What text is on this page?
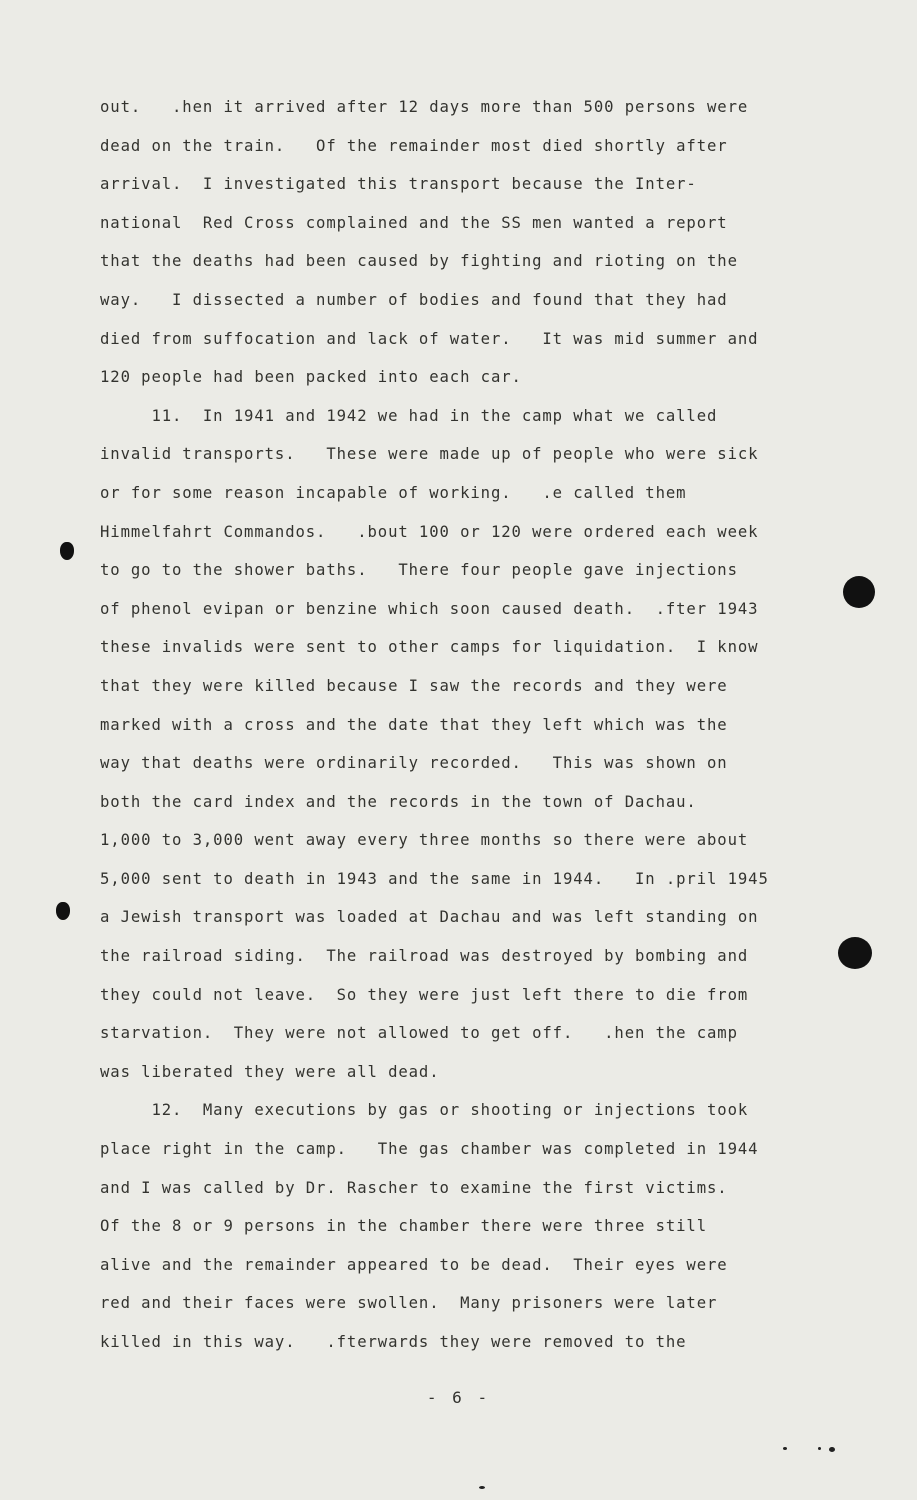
out.   .hen it arrived after 12 days more than 500 persons were
dead on the train.   Of the remainder most died shortly after
arrival.  I investigated this transport because the Inter-
national  Red Cross complained and the SS men wanted a report
that the deaths had been caused by fighting and rioting on the
way.   I dissected a number of bodies and found that they had
died from suffocation and lack of water.   It was mid summer and
120 people had been packed into each car.
11.  In 1941 and 1942 we had in the camp what we called
invalid transports.   These were made up of people who were sick
or for some reason incapable of working.   .e called them
Himmelfahrt Commandos.   .bout 100 or 120 were ordered each week
to go to the shower baths.   There four people gave injections
of phenol evipan or benzine which soon caused death.  .fter 1943
these invalids were sent to other camps for liquidation.  I know
that they were killed because I saw the records and they were
marked with a cross and the date that they left which was the
way that deaths were ordinarily recorded.   This was shown on
both the card index and the records in the town of Dachau.
1,000 to 3,000 went away every three months so there were about
5,000 sent to death in 1943 and the same in 1944.   In .pril 1945
a Jewish transport was loaded at Dachau and was left standing on
the railroad siding.  The railroad was destroyed by bombing and
they could not leave.  So they were just left there to die from
starvation.  They were not allowed to get off.   .hen the camp
was liberated they were all dead.
12.  Many executions by gas or shooting or injections took
place right in the camp.   The gas chamber was completed in 1944
and I was called by Dr. Rascher to examine the first victims.
Of the 8 or 9 persons in the chamber there were three still
alive and the remainder appeared to be dead.  Their eyes were
red and their faces were swollen.  Many prisoners were later
killed in this way.   .fterwards they were removed to the
- 6 -
